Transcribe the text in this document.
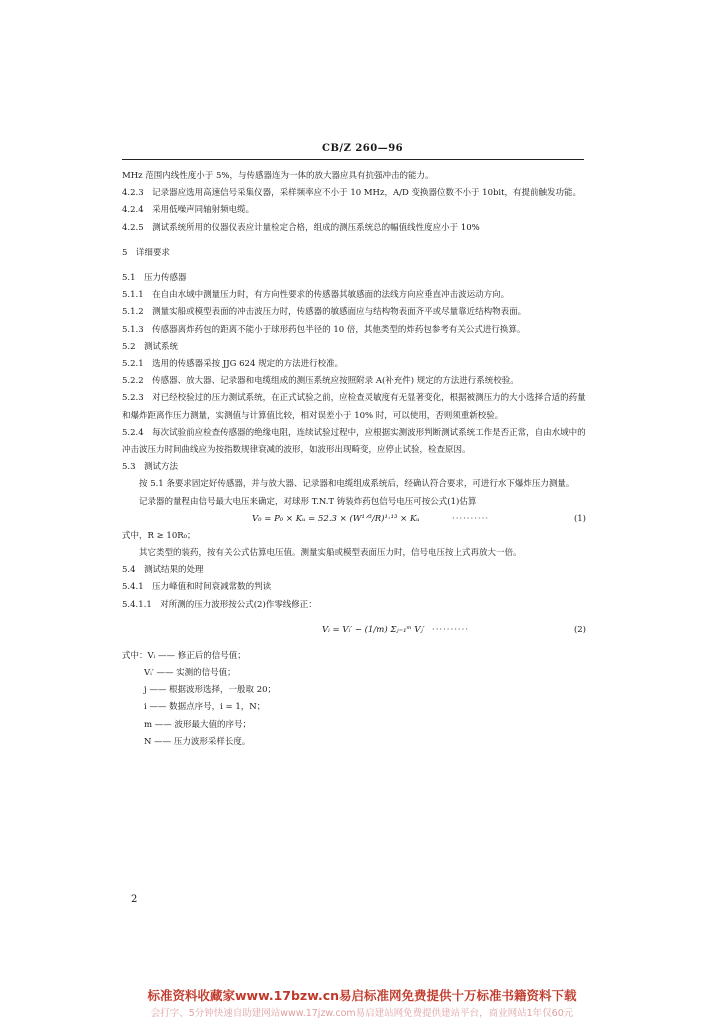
CB/Z 260—96

MHz 范围内线性度小于 5%，与传感器连为一体的放大器应具有抗强冲击的能力。

4.2.3　记录器应选用高速信号采集仪器，采样频率应不小于 10 MHz，A/D 变换器位数不小于 10bit，有提前触发功能。

4.2.4　采用低噪声同轴射频电缆。

4.2.5　测试系统所用的仪器仪表应计量检定合格，组成的测压系统总的幅值线性度应小于 10%

5　详细要求

5.1　压力传感器

5.1.1　在自由水域中测量压力时，有方向性要求的传感器其敏感面的法线方向应垂直冲击波运动方向。

5.1.2　测量实船或模型表面的冲击波压力时，传感器的敏感面应与结构物表面齐平或尽量靠近结构物表面。

5.1.3　传感器离炸药包的距离不能小于球形药包半径的 10 倍，其他类型的炸药包参考有关公式进行换算。

5.2　测试系统

5.2.1　选用的传感器采按 JJG 624 规定的方法进行校准。

5.2.2　传感器、放大器、记录器和电缆组成的测压系统应按照附录 A(补充件) 规定的方法进行系统校验。

5.2.3　对已经校验过的压力测试系统，在正式试验之前，应检查灵敏度有无显著变化，根据被测压力的大小选择合适的药量和爆炸距离作压力测量，实测值与计算值比较，相对误差小于 10% 时，可以使用，否则须重新校验。

5.2.4　每次试验前应检查传感器的绝缘电阻，连续试验过程中，应根据实测波形判断测试系统工作是否正常，自由水域中的冲击波压力时间曲线应为按指数规律衰减的波形，如波形出现畸变，应停止试验，检查原因。

5.3　测试方法

按 5.1 条要求固定好传感器，并与放大器、记录器和电缆组成系统后，经确认符合要求，可进行水下爆炸压力测量。

记录器的量程由信号最大电压来确定，对球形 T.N.T 铸装炸药包信号电压可按公式(1)估算

V₀ = P₀ × Kᵤ = 52.3 × (W¹ᐟ³/R)¹·¹³ × Kᵤ	··········	(1)

式中，R ≥ 10R₀；

其它类型的装药，按有关公式估算电压值。测量实船或模型表面压力时，信号电压按上式再放大一倍。

5.4　测试结果的处理

5.4.1　压力峰值和时间衰减常数的判读

5.4.1.1　对所测的压力波形按公式(2)作零线修正：

Vᵢ = Vᵢ′ − (1/m) Σⱼ₌₁ᵐ Vⱼ′ ··········	(2)

式中：Vᵢ —— 修正后的信号值；

Vᵢ′ —— 实测的信号值；

j —— 根据波形选择，一般取 20；

i —— 数据点序号，i = 1，N；

m —— 波形最大值的序号；

N —— 压力波形采样长度。

2
标准资料收藏家www.17bzw.cn易启标准网免费提供十万标准书籍资料下载
会打字、5分钟快速自助建网站www.17jzw.com易启建站网免费提供建站平台，商业网站1年仅60元
